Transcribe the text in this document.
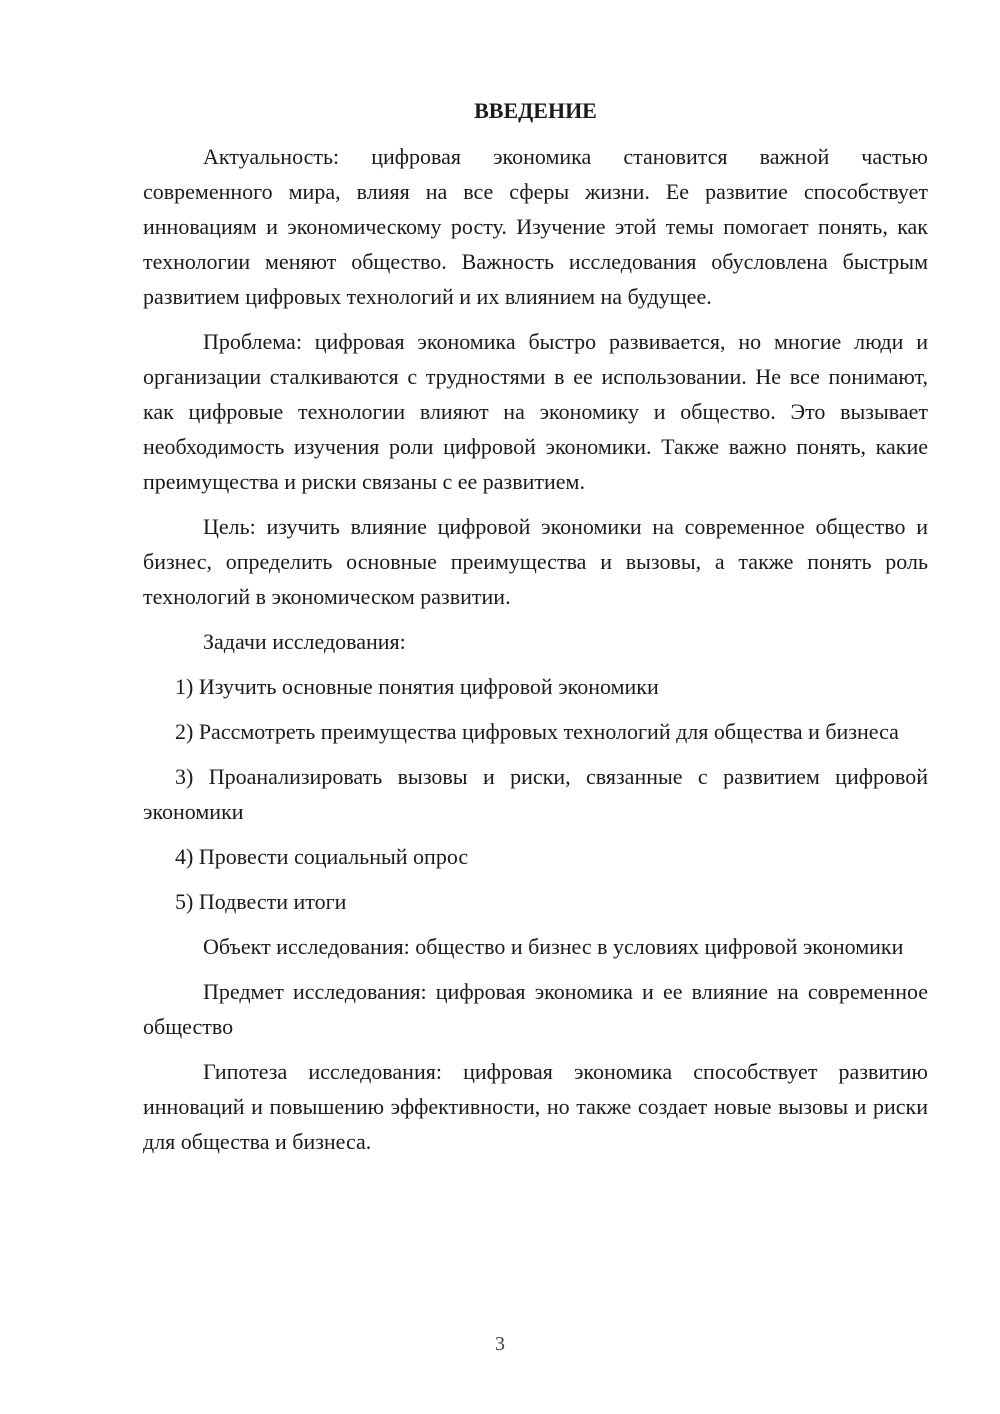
ВВЕДЕНИЕ

Актуальность: цифровая экономика становится важной частью современного мира, влияя на все сферы жизни. Ее развитие способствует инновациям и экономическому росту. Изучение этой темы помогает понять, как технологии меняют общество. Важность исследования обусловлена быстрым развитием цифровых технологий и их влиянием на будущее.

Проблема: цифровая экономика быстро развивается, но многие люди и организации сталкиваются с трудностями в ее использовании. Не все понимают, как цифровые технологии влияют на экономику и общество. Это вызывает необходимость изучения роли цифровой экономики. Также важно понять, какие преимущества и риски связаны с ее развитием.

Цель: изучить влияние цифровой экономики на современное общество и бизнес, определить основные преимущества и вызовы, а также понять роль технологий в экономическом развитии.

Задачи исследования:

1) Изучить основные понятия цифровой экономики

2) Рассмотреть преимущества цифровых технологий для общества и бизнеса

3) Проанализировать вызовы и риски, связанные с развитием цифровой экономики

4) Провести социальный опрос

5) Подвести итоги

Объект исследования: общество и бизнес в условиях цифровой экономики

Предмет исследования: цифровая экономика и ее влияние на современное общество

Гипотеза исследования: цифровая экономика способствует развитию инноваций и повышению эффективности, но также создает новые вызовы и риски для общества и бизнеса.

3
